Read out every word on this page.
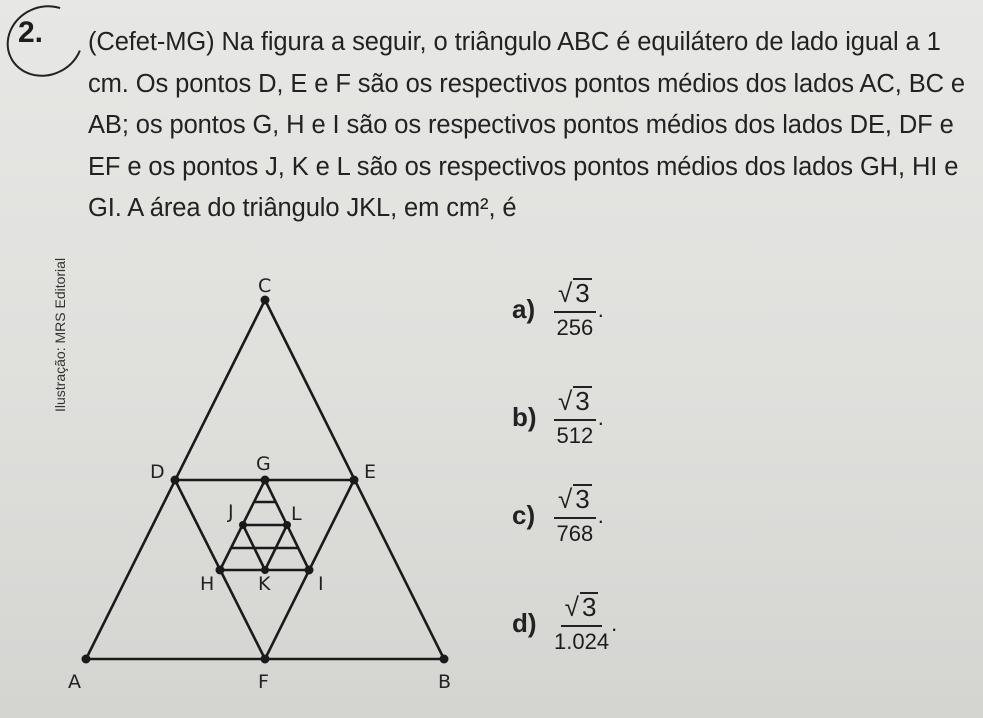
2. (Cefet-MG) Na figura a seguir, o triângulo ABC é equilátero de lado igual a 1 cm. Os pontos D, E e F são os respectivos pontos médios dos lados AC, BC e AB; os pontos G, H e I são os respectivos pontos médios dos lados DE, DF e EF e os pontos J, K e L são os respectivos pontos médios dos lados GH, HI e GI. A área do triângulo JKL, em cm², é
Ilustração: MRS Editorial	C
D	G	E
J	L
H K	I
A	F	B
$a) \frac{√ 3}{256}$ .
$b) \frac{√ 3}{512}$ .
$c) \frac{√ 3}{768}$ .
$d) \frac{√ 3}{1.024}$ .
